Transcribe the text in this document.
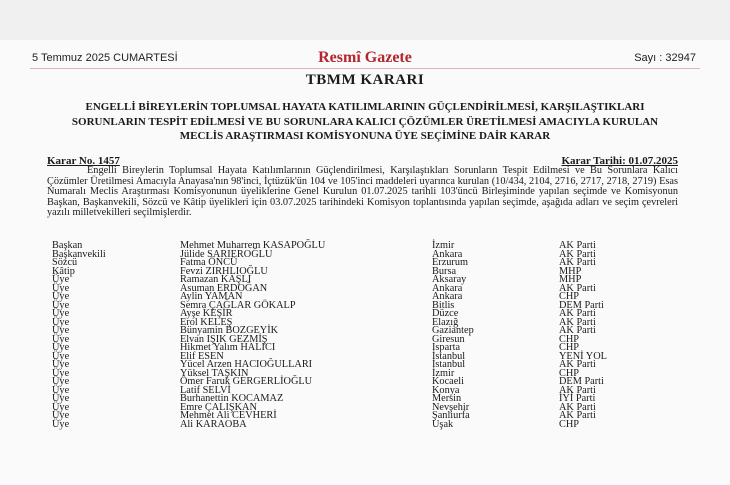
5 Temmuz 2025 CUMARTESİ	Resmî Gazete	Sayı : 32947
TBMM KARARI
ENGELLİ BİREYLERİN TOPLUMSAL HAYATA KATILIMLARININ GÜÇLENDİRİLMESİ, KARŞILAŞTIKLARI SORUNLARIN TESPİT EDİLMESİ VE BU SORUNLARA KALICI ÇÖZÜMLER ÜRETİLMESİ AMACIYLA KURULAN MECLİS ARAŞTIRMASI KOMİSYONUNA ÜYE SEÇİMİNE DAİR KARAR
Karar No. 1457	Karar Tarihi: 01.07.2025
Engelli Bireylerin Toplumsal Hayata Katılımlarının Güçlendirilmesi, Karşılaştıkları Sorunların Tespit Edilmesi ve Bu Sorunlara Kalıcı Çözümler Üretilmesi Amacıyla Anayasa'nın 98'inci, İçtüzük'ün 104 ve 105'inci maddeleri uyarınca kurulan (10/434, 2104, 2716, 2717, 2718, 2719) Esas Numaralı Meclis Araştırması Komisyonunun üyeliklerine Genel Kurulun 01.07.2025 tarihli 103'üncü Birleşiminde yapılan seçimde ve Komisyonun Başkan, Başkanvekili, Sözcü ve Kâtip üyelikleri için 03.07.2025 tarihindeki Komisyon toplantısında yapılan seçimde, aşağıda adları ve seçim çevreleri yazılı milletvekilleri seçilmişlerdir.
Başkan	Mehmet Muharrem KASAPOĞLU	İzmir	AK Parti
Başkanvekili	Jülide SARIEROĞLU	Ankara	AK Parti
Sözcü	Fatma ÖNCÜ	Erzurum	AK Parti
Kâtip	Fevzi ZIRHLIOĞLU	Bursa	MHP
Üye	Ramazan KAŞLI	Aksaray	MHP
Üye	Asuman ERDOĞAN	Ankara	AK Parti
Üye	Aylin YAMAN	Ankara	CHP
Üye	Semra ÇAĞLAR GÖKALP	Bitlis	DEM Parti
Üye	Ayşe KEŞİR	Düzce	AK Parti
Üye	Erol KELEŞ	Elazığ	AK Parti
Üye	Bünyamin BOZGEYİK	Gaziantep	AK Parti
Üye	Elvan IŞIK GEZMİŞ	Giresun	CHP
Üye	Hikmet Yalım HALICI	Isparta	CHP
Üye	Elif ESEN	İstanbul	YENİ YOL
Üye	Yücel Arzen HACIOĞULLARI	İstanbul	AK Parti
Üye	Yüksel TAŞKIN	İzmir	CHP
Üye	Ömer Faruk GERGERLİOĞLU	Kocaeli	DEM Parti
Üye	Latif SELVİ	Konya	AK Parti
Üye	Burhanettin KOCAMAZ	Mersin	İYİ Parti
Üye	Emre ÇALIŞKAN	Nevşehir	AK Parti
Üye	Mehmet Ali CEVHERİ	Şanlıurfa	AK Parti
Üye	Ali KARAOBA	Uşak	CHP
